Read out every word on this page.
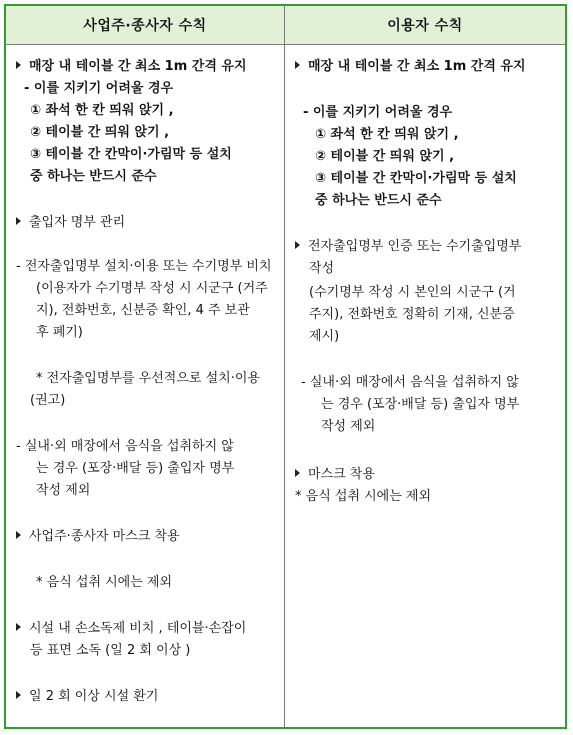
사업주·종사자 수칙	이용자 수칙
매장 내 테이블 간 최소 1m 간격 유지
- 이를 지키기 어려울 경우
① 좌석 한 칸 띄워 앉기 ,
② 테이블 간 띄워 앉기 ,
③ 테이블 간 칸막이·가림막 등 설치
중 하나는 반드시 준수
출입자 명부 관리
- 전자출입명부 설치·이용 또는 수기명부 비치
(이용자가 수기명부 작성 시 시군구 (거주
지), 전화번호, 신분증 확인, 4 주 보관
후 폐기)
* 전자출입명부를 우선적으로 설치·이용
(권고)
- 실내·외 매장에서 음식을 섭취하지 않
는 경우 (포장·배달 등) 출입자 명부
작성 제외
사업주·종사자 마스크 착용
* 음식 섭취 시에는 제외
시설 내 손소독제 비치 , 테이블·손잡이
등 표면 소독 (일 2 회 이상 )
일 2 회 이상 시설 환기
매장 내 테이블 간 최소 1m 간격 유지
- 이를 지키기 어려울 경우
① 좌석 한 칸 띄워 앉기 ,
② 테이블 간 띄워 앉기 ,
③ 테이블 간 칸막이·가림막 등 설치
중 하나는 반드시 준수
전자출입명부 인증 또는 수기출입명부
작성
(수기명부 작성 시 본인의 시군구 (거
주지), 전화번호 정확히 기재, 신분증
제시)
- 실내·외 매장에서 음식을 섭취하지 않
는 경우 (포장·배달 등) 출입자 명부
작성 제외
마스크 착용
* 음식 섭취 시에는 제외
